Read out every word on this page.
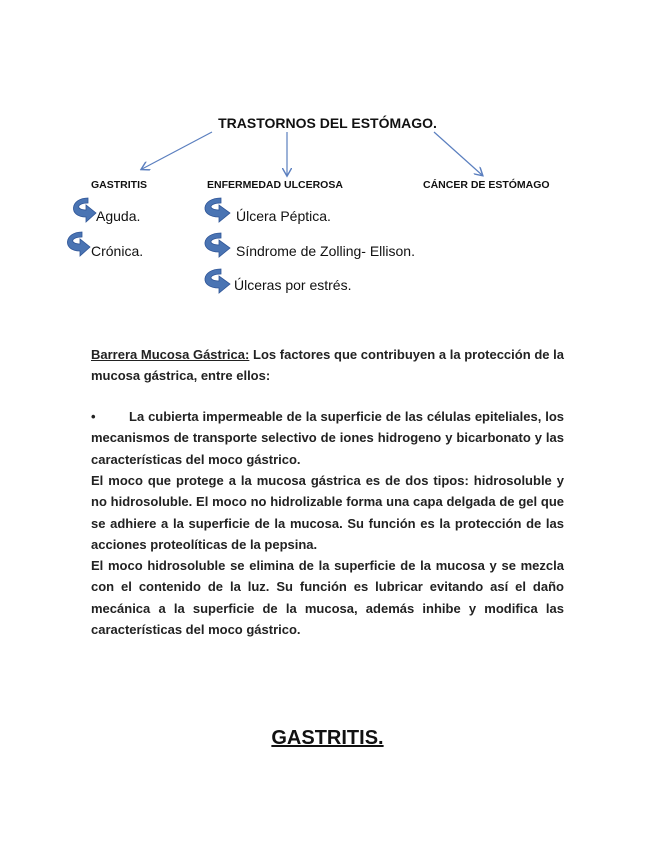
TRASTORNOS DEL ESTÓMAGO.
GASTRITIS	ENFERMEDAD ULCEROSA	CÁNCER DE ESTÓMAGO
Aguda.
Crónica.
Úlcera Péptica.
Síndrome de Zolling- Ellison.
Úlceras por estrés.
Barrera Mucosa Gástrica: Los factores que contribuyen a la protección de la mucosa gástrica, entre ellos:
•	La cubierta impermeable de la superficie de las células epiteliales, los mecanismos de transporte selectivo de iones hidrogeno y bicarbonato y las características del moco gástrico.
El moco que protege a la mucosa gástrica es de dos tipos: hidrosoluble y no hidrosoluble. El moco no hidrolizable forma una capa delgada de gel que se adhiere a la superficie de la mucosa. Su función es la protección de las acciones proteolíticas de la pepsina.
El moco hidrosoluble se elimina de la superficie de la mucosa y se mezcla con el contenido de la luz. Su función es lubricar evitando así el daño mecánica a la superficie de la mucosa, además inhibe y modifica las características del moco gástrico.
GASTRITIS.
